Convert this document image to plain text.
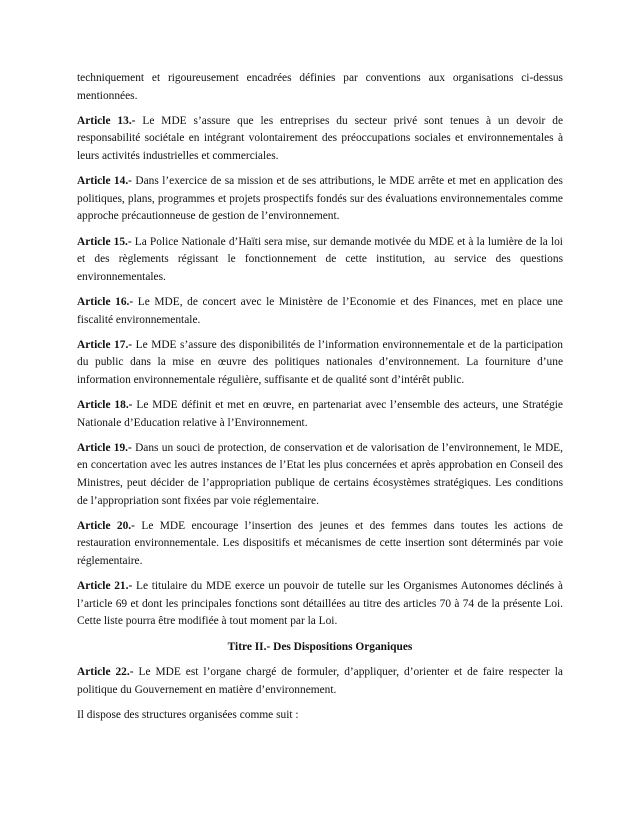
techniquement et rigoureusement encadrées définies par conventions aux organisations ci-dessus mentionnées.

Article 13.- Le MDE s’assure que les entreprises du secteur privé sont tenues à un devoir de responsabilité sociétale en intégrant volontairement des préoccupations sociales et environnementales à leurs activités industrielles et commerciales.

Article 14.- Dans l’exercice de sa mission et de ses attributions, le MDE arrête et met en application des politiques, plans, programmes et projets prospectifs fondés sur des évaluations environnementales comme approche précautionneuse de gestion de l’environnement.

Article 15.- La Police Nationale d’Haïti sera mise, sur demande motivée du MDE et à la lumière de la loi et des règlements régissant le fonctionnement de cette institution, au service des questions environnementales.

Article 16.- Le MDE, de concert avec le Ministère de l’Economie et des Finances, met en place une fiscalité environnementale.

Article 17.- Le MDE s’assure des disponibilités de l’information environnementale et de la participation du public dans la mise en œuvre des politiques nationales d’environnement. La fourniture d’une information environnementale régulière, suffisante et de qualité sont d’intérêt public.

Article 18.- Le MDE définit et met en œuvre, en partenariat avec l’ensemble des acteurs, une Stratégie Nationale d’Education relative à l’Environnement.

Article 19.- Dans un souci de protection, de conservation et de valorisation de l’environnement, le MDE, en concertation avec les autres instances de l’Etat les plus concernées et après approbation en Conseil des Ministres, peut décider de l’appropriation publique de certains écosystèmes stratégiques. Les conditions de l’appropriation sont fixées par voie réglementaire.

Article 20.- Le MDE encourage l’insertion des jeunes et des femmes dans toutes les actions de restauration environnementale. Les dispositifs et mécanismes de cette insertion sont déterminés par voie réglementaire.

Article 21.- Le titulaire du MDE exerce un pouvoir de tutelle sur les Organismes Autonomes déclinés à l’article 69 et dont les principales fonctions sont détaillées au titre des articles 70 à 74 de la présente Loi. Cette liste pourra être modifiée à tout moment par la Loi.

Titre II.- Des Dispositions Organiques

Article 22.- Le MDE est l’organe chargé de formuler, d’appliquer, d’orienter et de faire respecter la politique du Gouvernement en matière d’environnement.

Il dispose des structures organisées comme suit :
